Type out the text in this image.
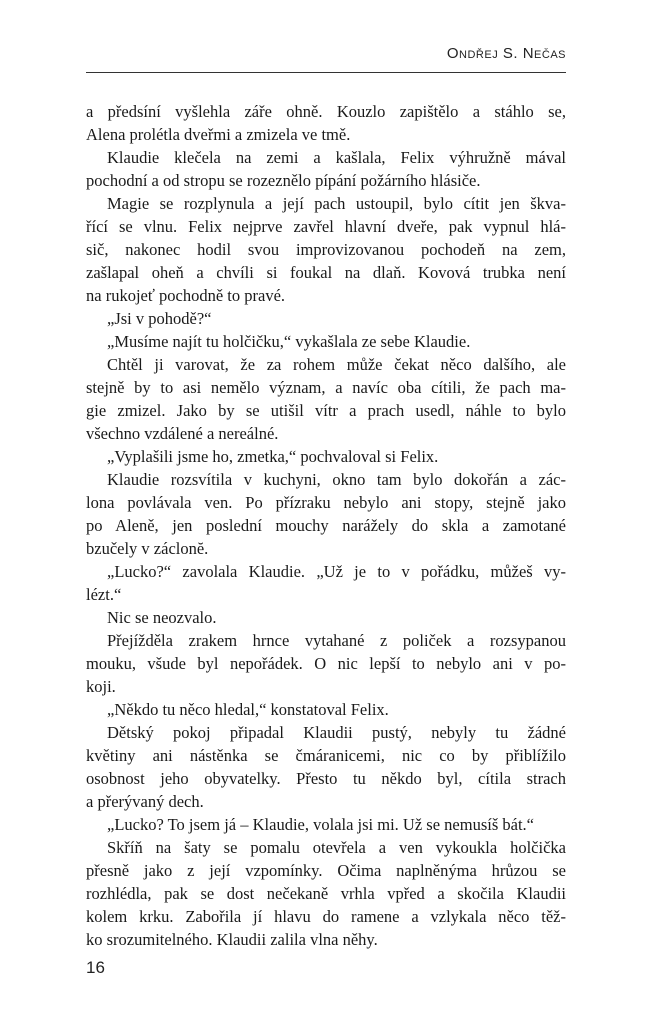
Ondřej S. Nečas
a předsíní vyšlehla záře ohně. Kouzlo zapištělo a stáhlo se,
Alena prolétla dveřmi a zmizela ve tmě.
Klaudie klečela na zemi a kašlala, Felix výhružně mával
pochodní a od stropu se rozeznělo pípání požárního hlásiče.
Magie se rozplynula a její pach ustoupil, bylo cítit jen škva-
řící se vlnu. Felix nejprve zavřel hlavní dveře, pak vypnul hlá-
sič, nakonec hodil svou improvizovanou pochodeň na zem,
zašlapal oheň a chvíli si foukal na dlaň. Kovová trubka není
na rukojeť pochodně to pravé.
„Jsi v pohodě?“
„Musíme najít tu holčičku,“ vykašlala ze sebe Klaudie.
Chtěl ji varovat, že za rohem může čekat něco dalšího, ale
stejně by to asi nemělo význam, a navíc oba cítili, že pach ma-
gie zmizel. Jako by se utišil vítr a prach usedl, náhle to bylo
všechno vzdálené a nereálné.
„Vyplašili jsme ho, zmetka,“ pochvaloval si Felix.
Klaudie rozsvítila v kuchyni, okno tam bylo dokořán a zác-
lona povlávala ven. Po přízraku nebylo ani stopy, stejně jako
po Aleně, jen poslední mouchy narážely do skla a zamotané
bzučely v záclonĕ.
„Lucko?“ zavolala Klaudie. „Už je to v pořádku, můžeš vy-
lézt.“
Nic se neozvalo.
Přejížděla zrakem hrnce vytahané z poliček a rozsypanou
mouku, všude byl nepořádek. O nic lepší to nebylo ani v po-
koji.
„Někdo tu něco hledal,“ konstatoval Felix.
Dětský pokoj připadal Klaudii pustý, nebyly tu žádné
květiny ani nástěnka se čmáranicemi, nic co by přiblížilo
osobnost jeho obyvatelky. Přesto tu někdo byl, cítila strach
a přerývaný dech.
„Lucko? To jsem já – Klaudie, volala jsi mi. Už se nemusíš bát.“
Skříň na šaty se pomalu otevřela a ven vykoukla holčička
přesně jako z její vzpomínky. Očima naplněnýma hrůzou se
rozhlédla, pak se dost nečekaně vrhla vpřed a skočila Klaudii
kolem krku. Zabořila jí hlavu do ramene a vzlykala něco těž-
ko srozumitelného. Klaudii zalila vlna něhy.
16
